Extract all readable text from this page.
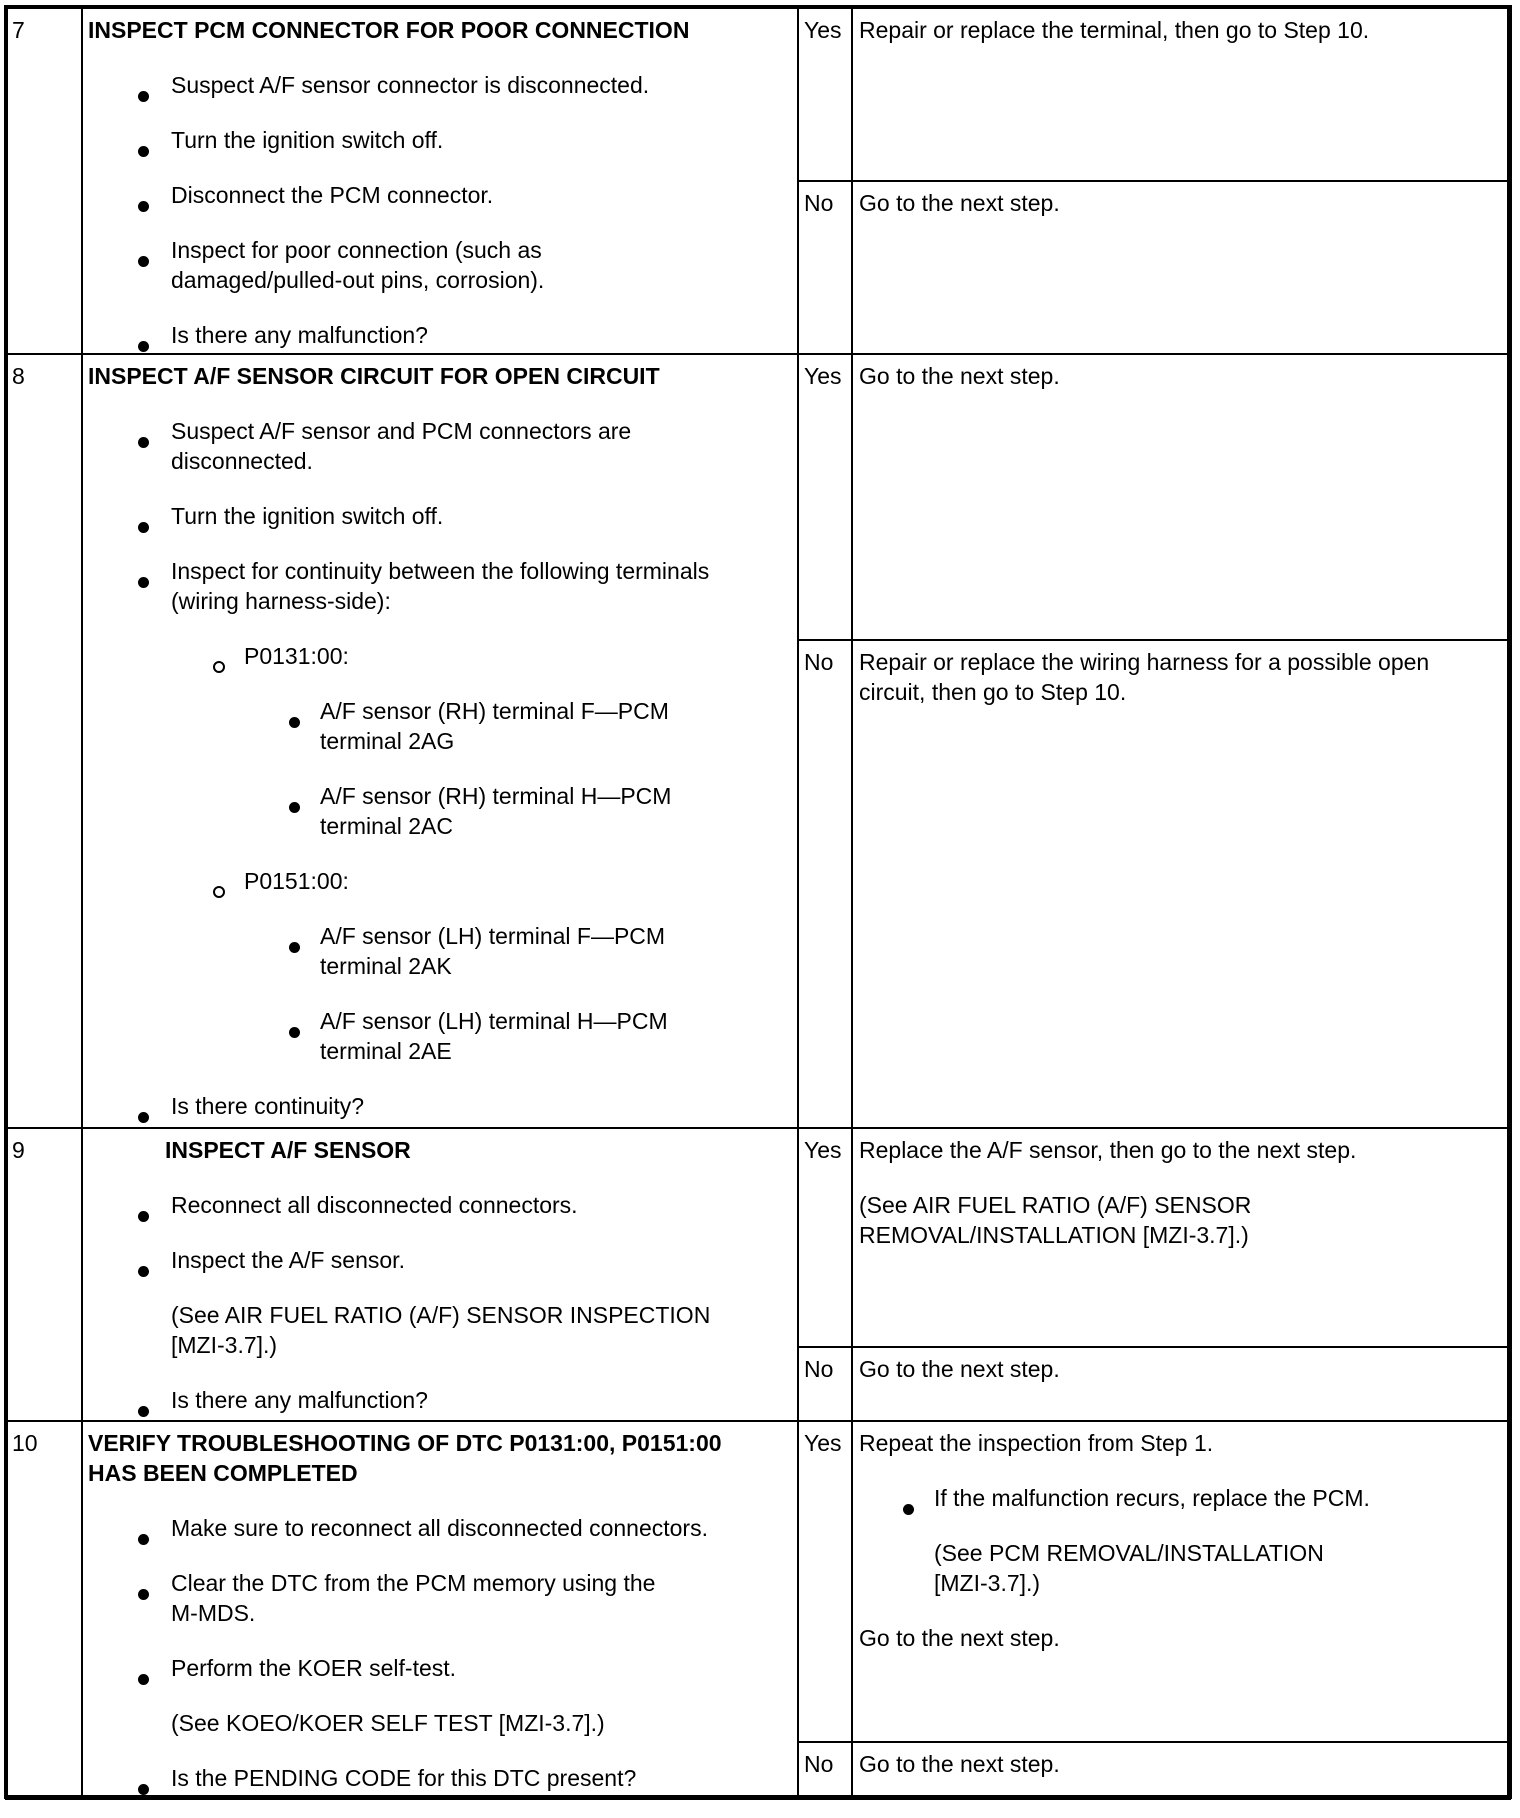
7	INSPECT PCM CONNECTOR FOR POOR CONNECTION
Suspect A/F sensor connector is disconnected.
Turn the ignition switch off.
Disconnect the PCM connector.
Inspect for poor connection (such as
damaged/pulled-out pins, corrosion).
Is there any malfunction?
Yes Repair or replace the terminal, then go to Step 10.
No Go to the next step.
8	INSPECT A/F SENSOR CIRCUIT FOR OPEN CIRCUIT
Suspect A/F sensor and PCM connectors are
disconnected.
Turn the ignition switch off.
Inspect for continuity between the following terminals
(wiring harness-side):
P0131:00:
A/F sensor (RH) terminal F—PCM
terminal 2AG
A/F sensor (RH) terminal H—PCM
terminal 2AC
P0151:00:
A/F sensor (LH) terminal F—PCM
terminal 2AK
A/F sensor (LH) terminal H—PCM
terminal 2AE
Is there continuity?
Yes Go to the next step.
No Repair or replace the wiring harness for a possible open
circuit, then go to Step 10.
9	INSPECT A/F SENSOR
Reconnect all disconnected connectors.
Inspect the A/F sensor.
(See AIR FUEL RATIO (A/F) SENSOR INSPECTION
[MZI-3.7].)
Is there any malfunction?
Yes Replace the A/F sensor, then go to the next step.
(See AIR FUEL RATIO (A/F) SENSOR
REMOVAL/INSTALLATION [MZI-3.7].)
No Go to the next step.
10 VERIFY TROUBLESHOOTING OF DTC P0131:00, P0151:00
HAS BEEN COMPLETED
Make sure to reconnect all disconnected connectors.
Clear the DTC from the PCM memory using the
M-MDS.
Perform the KOER self-test.
(See KOEO/KOER SELF TEST [MZI-3.7].)
Is the PENDING CODE for this DTC present?
Yes Repeat the inspection from Step 1.
If the malfunction recurs, replace the PCM.
(See PCM REMOVAL/INSTALLATION
[MZI-3.7].)
Go to the next step.
No Go to the next step.
